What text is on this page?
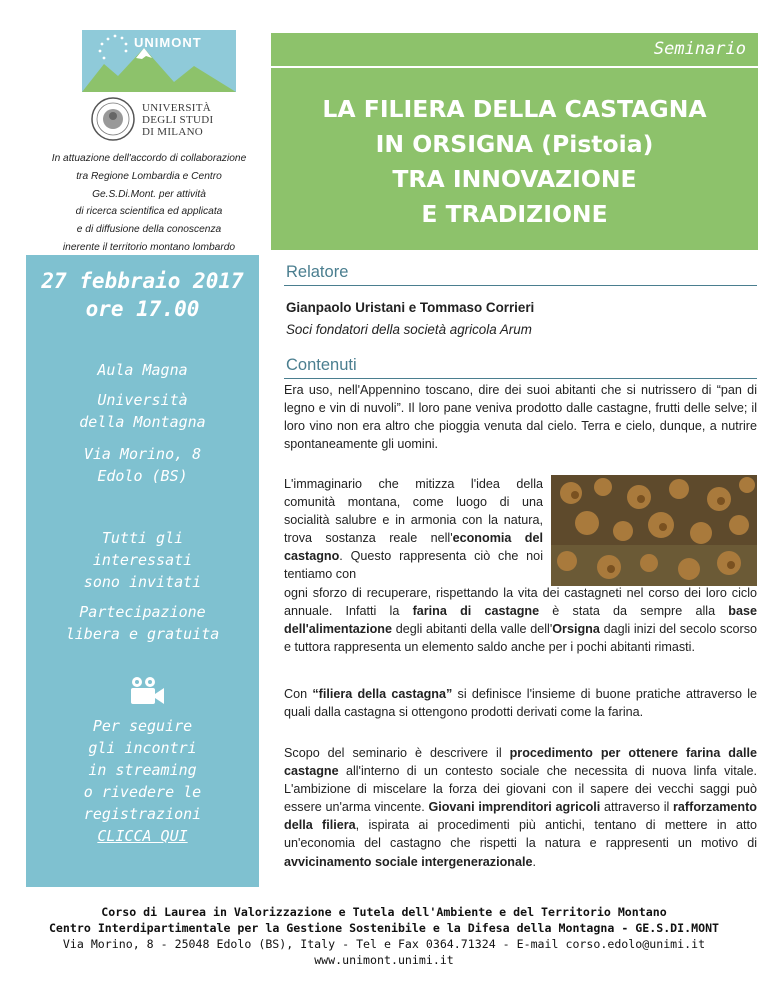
UNIMONT
UNIVERSITÀ
DEGLI STUDI
DI MILANO
In attuazione dell'accordo di collaborazione
tra Regione Lombardia e Centro
Ge.S.Di.Mont. per attività
di ricerca scientifica ed applicata
e di diffusione della conoscenza
inerente il territorio montano lombardo
27 febbraio 2017
ore 17.00
Aula Magna
Università
della Montagna
Via Morino, 8
Edolo (BS)
Tutti gli
interessati
sono invitati
Partecipazione
libera e gratuita
Per seguire
gli incontri
in streaming
o rivedere le
registrazioni
CLICCA QUI
Seminario
LA FILIERA DELLA CASTAGNA
IN ORSIGNA (Pistoia)
TRA INNOVAZIONE
E TRADIZIONE
Relatore
Gianpaolo Uristani e Tommaso Corrieri
Soci fondatori della società agricola Arum
Contenuti
Era uso, nell'Appennino toscano, dire dei suoi abitanti che si nutrissero di “pan di legno e vin di nuvoli”. Il loro pane veniva prodotto dalle castagne, frutti delle selve; il loro vino non era altro che pioggia venuta dal cielo. Terra e cielo, dunque, a nutrire spontaneamente gli uomini.
L'immaginario che mitizza l'idea della comunità montana, come luogo di una socialità salubre e in armonia con la natura, trova sostanza reale nell'economia del castagno. Questo rappresenta ciò che noi tentiamo con
ogni sforzo di recuperare, rispettando la vita dei castagneti nel corso dei loro ciclo annuale. Infatti la farina di castagne è stata da sempre alla base dell'alimentazione degli abitanti della valle dell'Orsigna dagli inizi del secolo scorso e tuttora rappresenta un elemento saldo anche per i pochi abitanti rimasti.
Con “filiera della castagna” si definisce l'insieme di buone pratiche attraverso le quali dalla castagna si ottengono prodotti derivati come la farina.
Scopo del seminario è descrivere il procedimento per ottenere farina dalle castagne all'interno di un contesto sociale che necessita di nuova linfa vitale. L'ambizione di miscelare la forza dei giovani con il sapere dei vecchi saggi può essere un'arma vincente. Giovani imprenditori agricoli attraverso il rafforzamento della filiera, ispirata ai procedimenti più antichi, tentano di mettere in atto un'economia del castagno che rispetti la natura e rappresenti un motivo di avvicinamento sociale intergenerazionale.
Corso di Laurea in Valorizzazione e Tutela dell'Ambiente e del Territorio Montano
Centro Interdipartimentale per la Gestione Sostenibile e la Difesa della Montagna - GE.S.DI.MONT
Via Morino, 8 - 25048 Edolo (BS), Italy - Tel e Fax 0364.71324 - E-mail corso.edolo@unimi.it
www.unimont.unimi.it
